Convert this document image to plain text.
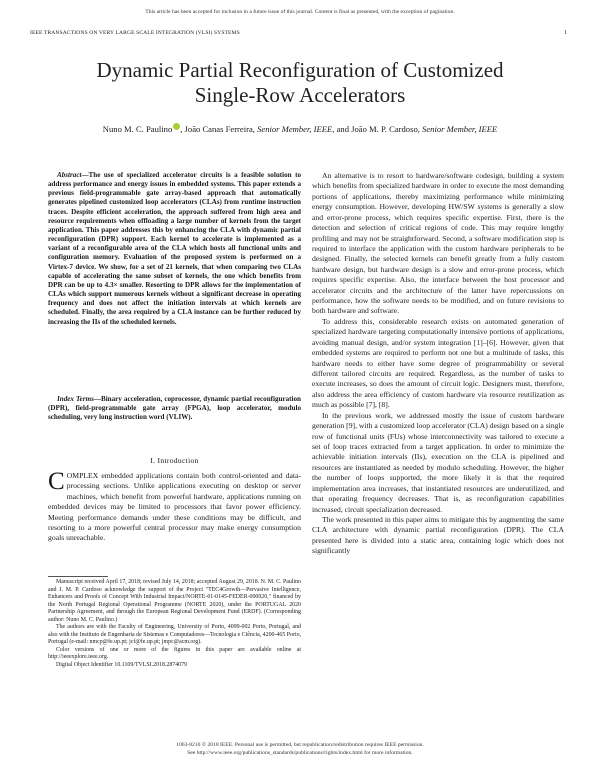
This article has been accepted for inclusion in a future issue of this journal. Content is final as presented, with the exception of pagination.
IEEE TRANSACTIONS ON VERY LARGE SCALE INTEGRATION (VLSI) SYSTEMS	1
Dynamic Partial Reconfiguration of Customized
Single-Row Accelerators
Nuno M. C. Paulino , João Canas Ferreira, Senior Member, IEEE, and João M. P. Cardoso, Senior Member, IEEE
Abstract—The use of specialized accelerator circuits is a feasible solution to address performance and energy issues in embedded systems. This paper extends a previous field-programmable gate array-based approach that automatically generates pipelined customized loop accelerators (CLAs) from runtime instruction traces. Despite efficient acceleration, the approach suffered from high area and resource requirements when offloading a large number of kernels from the target application. This paper addresses this by enhancing the CLA with dynamic partial reconfiguration (DPR) support. Each kernel to accelerate is implemented as a variant of a reconfigurable area of the CLA which hosts all functional units and configuration memory. Evaluation of the proposed system is performed on a Virtex-7 device. We show, for a set of 21 kernels, that when comparing two CLAs capable of accelerating the same subset of kernels, the one which benefits from DPR can be up to 4.3× smaller. Resorting to DPR allows for the implementation of CLAs which support numerous kernels without a significant decrease in operating frequency and does not affect the initiation intervals at which kernels are scheduled. Finally, the area required by a CLA instance can be further reduced by increasing the IIs of the scheduled kernels.
Index Terms—Binary acceleration, coprocessor, dynamic partial reconfiguration (DPR), field-programmable gate array (FPGA), loop accelerator, modulo scheduling, very long instruction word (VLIW).
I. Introduction
COMPLEX embedded applications contain both control-oriented and data-processing sections. Unlike applications executing on desktop or server machines, which benefit from powerful hardware, applications running on embedded devices may be limited to processors that favor power efficiency. Meeting performance demands under these conditions may be difficult, and resorting to a more powerful central processor may make energy consumption goals unreachable.

Manuscript received April 17, 2018; revised July 14, 2018; accepted August 29, 2018. N. M. C. Paulino and J. M. P. Cardoso acknowledge the support of the Project "TEC4Growth—Pervasive Intelligence, Enhancers and Proofs of Concept With Industrial Impact/NORTE-01-0145-FEDER-000020," financed by the North Portugal Regional Operational Programme (NORTE 2020), under the PORTUGAL 2020 Partnership Agreement, and through the European Regional Development Fund (ERDF). (Corresponding author: Nuno M. C. Paulino.)

The authors are with the Faculty of Engineering, University of Porto, 4099-002 Porto, Portugal, and also with the Instituto de Engenharia de Sistemas e Computadores—Tecnologia e Ciência, 4200-465 Porto, Portugal (e-mail: nmcp@fe.up.pt; jcf@fe.up.pt; jmpc@acm.org).

Color versions of one or more of the figures in this paper are available online at http://ieeexplore.ieee.org.

Digital Object Identifier 10.1109/TVLSI.2018.2874079

An alternative is to resort to hardware/software codesign, building a system which benefits from specialized hardware in order to execute the most demanding portions of applications, thereby maximizing performance while minimizing energy consumption. However, developing HW/SW systems is generally a slow and error-prone process, which requires specific expertise. First, there is the detection and selection of critical regions of code. This may require lengthy profiling and may not be straightforward. Second, a software modification step is required to interface the application with the custom hardware peripherals to be designed. Finally, the selected kernels can benefit greatly from a fully custom hardware design, but hardware design is a slow and error-prone process, which requires specific expertise. Also, the interface between the host processor and accelerator circuits and the architecture of the latter have repercussions on performance, how the software needs to be modified, and on future revisions to both hardware and software.

To address this, considerable research exists on automated generation of specialized hardware targeting computationally intensive portions of applications, avoiding manual design, and/or system integration [1]–[6]. However, given that embedded systems are required to perform not one but a multitude of tasks, this hardware needs to either have some degree of programmability or several different tailored circuits are required. Regardless, as the number of tasks to execute increases, so does the amount of circuit logic. Designers must, therefore, also address the area efficiency of custom hardware via resource reutilization as much as possible [7], [8].

In the previous work, we addressed mostly the issue of custom hardware generation [9], with a customized loop accelerator (CLA) design based on a single row of functional units (FUs) whose interconnectivity was tailored to execute a set of loop traces extracted from a target application. In order to minimize the achievable initiation intervals (IIs), execution on the CLA is pipelined and resources are instantiated as needed by modulo scheduling. However, the higher the number of loops supported, the more likely it is that the required implementation area increases, that instantiated resources are underutilized, and that operating frequency decreases. That is, as reconfiguration capabilities increased, circuit specialization decreased.

The work presented in this paper aims to mitigate this by augmenting the same CLA architecture with dynamic partial reconfiguration (DPR). The CLA presented here is divided into a static area, containing logic which does not significantly

1063-8210 © 2018 IEEE. Personal use is permitted, but republication/redistribution requires IEEE permission.
See http://www.ieee.org/publications_standards/publications/rights/index.html for more information.
